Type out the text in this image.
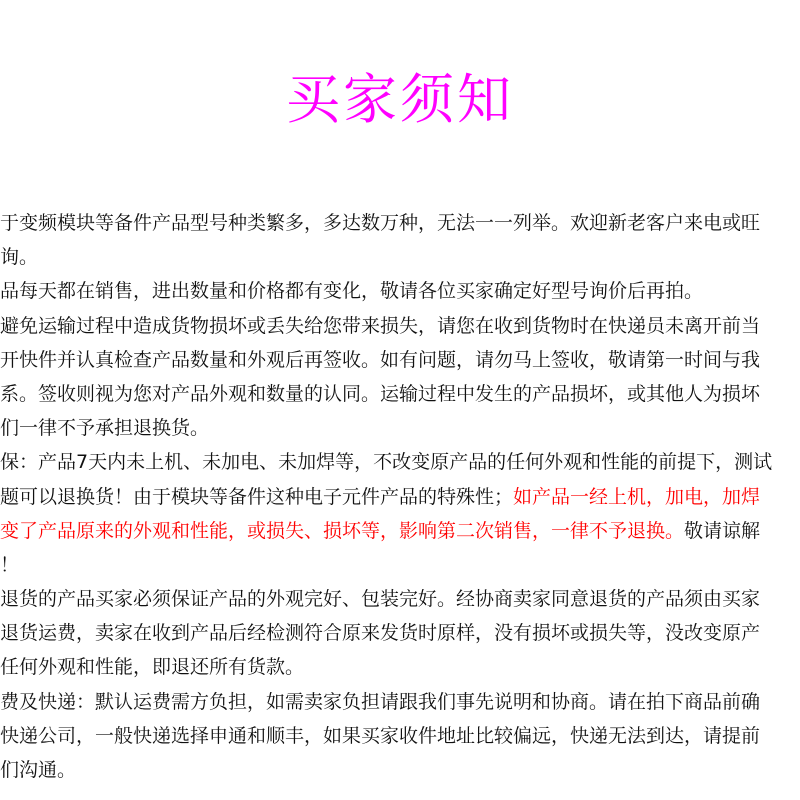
买家须知
于变频模块等备件产品型号种类繁多，多达数万种，无法一一列举。欢迎新老客户来电或旺
询。
品每天都在销售，进出数量和价格都有变化，敬请各位买家确定好型号询价后再拍。
避免运输过程中造成货物损坏或丢失给您带来损失，请您在收到货物时在快递员未离开前当
开快件并认真检查产品数量和外观后再签收。如有问题，请勿马上签收，敬请第一时间与我
系。签收则视为您对产品外观和数量的认同。运输过程中发生的产品损坏，或其他人为损坏
们一律不予承担退换货。
保：产品7天内未上机、未加电、未加焊等，不改变原产品的任何外观和性能的前提下，测试
题可以退换货！由于模块等备件这种电子元件产品的特殊性；如产品一经上机，加电，加焊
变了产品原来的外观和性能，或损失、损坏等，影响第二次销售，一律不予退换。敬请谅解
！
退货的产品买家必须保证产品的外观完好、包装完好。经协商卖家同意退货的产品须由买家
退货运费，卖家在收到产品后经检测符合原来发货时原样，没有损坏或损失等，没改变原产
任何外观和性能，即退还所有货款。
费及快递：默认运费需方负担，如需卖家负担请跟我们事先说明和协商。请在拍下商品前确
快递公司，一般快递选择申通和顺丰，如果买家收件地址比较偏远，快递无法到达，请提前
们沟通。
